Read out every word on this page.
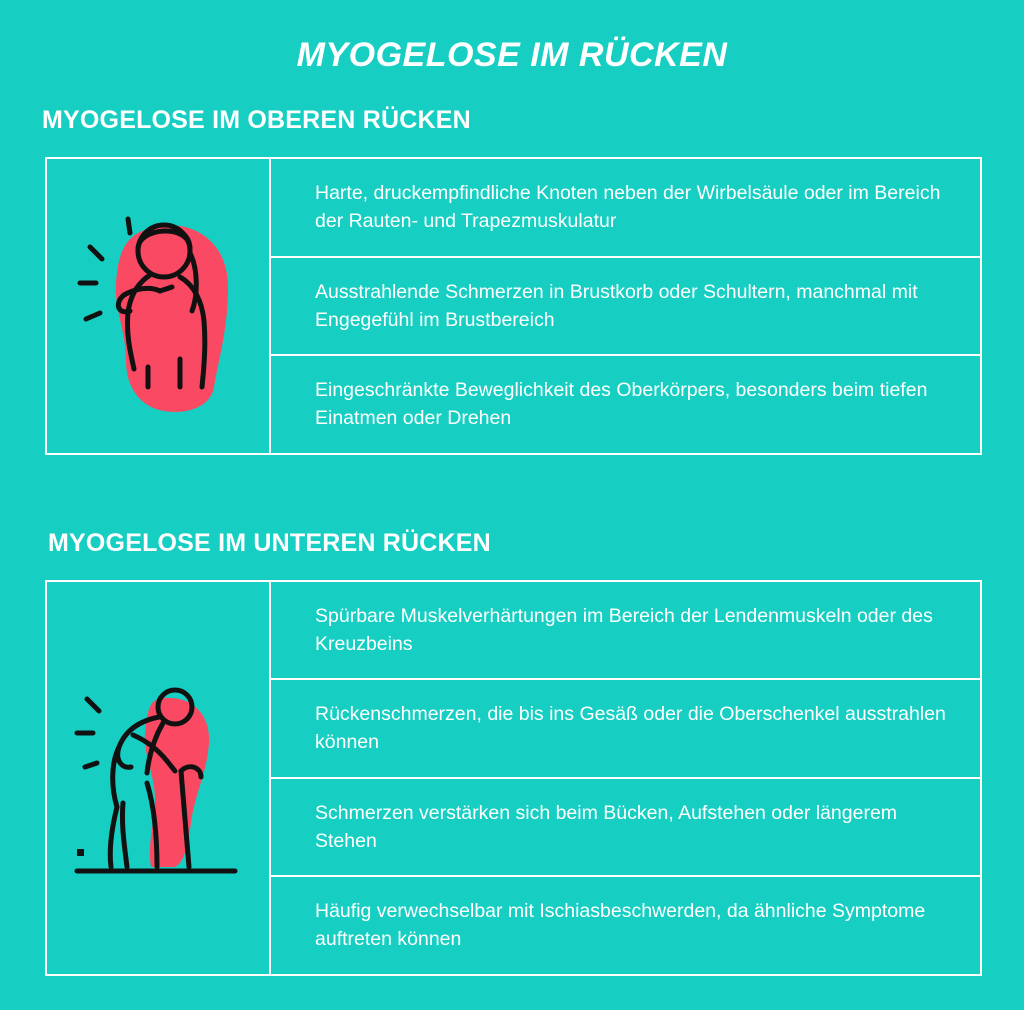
MYOGELOSE IM RÜCKEN
MYOGELOSE IM OBEREN RÜCKEN
Harte, druckempfindliche Knoten neben der Wirbelsäule oder im Bereich der Rauten- und Trapezmuskulatur
Ausstrahlende Schmerzen in Brustkorb oder Schultern, manchmal mit Engegefühl im Brustbereich
Eingeschränkte Beweglichkeit des Oberkörpers, besonders beim tiefen Einatmen oder Drehen
MYOGELOSE IM UNTEREN RÜCKEN
Spürbare Muskelverhärtungen im Bereich der Lendenmuskeln oder des Kreuzbeins
Rückenschmerzen, die bis ins Gesäß oder die Oberschenkel ausstrahlen können
Schmerzen verstärken sich beim Bücken, Aufstehen oder längerem Stehen
Häufig verwechselbar mit Ischiasbeschwerden, da ähnliche Symptome auftreten können
